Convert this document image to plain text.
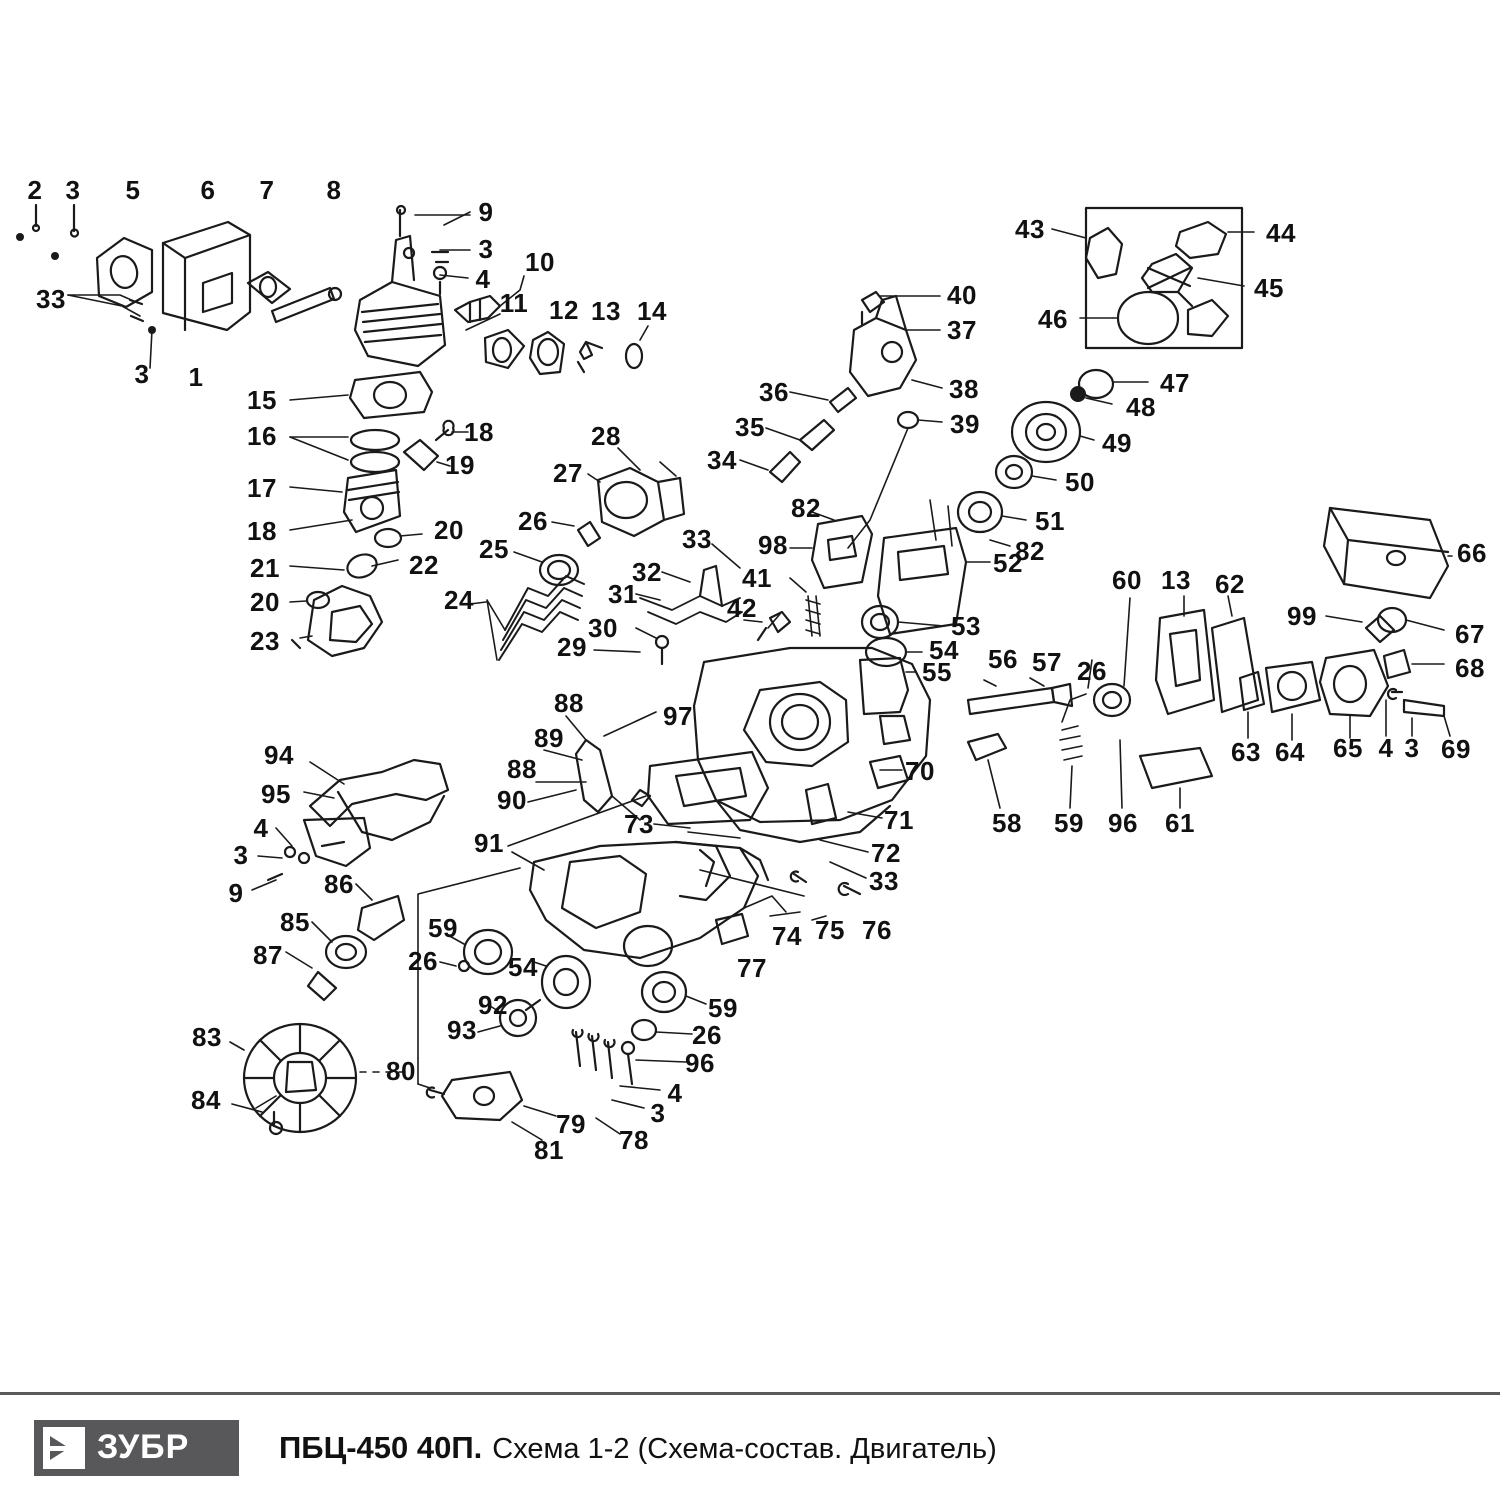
2 3 5 6 7 8
9
3
4
10
11 12 13 14
33
3 1
15
16	18
17
19
18	20
21	22
20
23
24
25
26
27
28
31
32
30
29
33
41
42
98
82
34
35
36
37
38
39
40
43	44
45
46
47
48
49
50
51
82
52
53
54
55 56 57 26
60 13 62
99
66
67
68
69
3
4
65
64
63
61
96
59
58
70
71
72
33
76
75
74
77
73
90
88
89
88	97
91
94
95
4
3
9	86
85
87	26
59
54
92
93
59
26
96
4
3
78
79
81
80
83
84
ЗУБР	ПБЦ-450 40П. Схема 1-2 (Схема-состав. Двигатель)
